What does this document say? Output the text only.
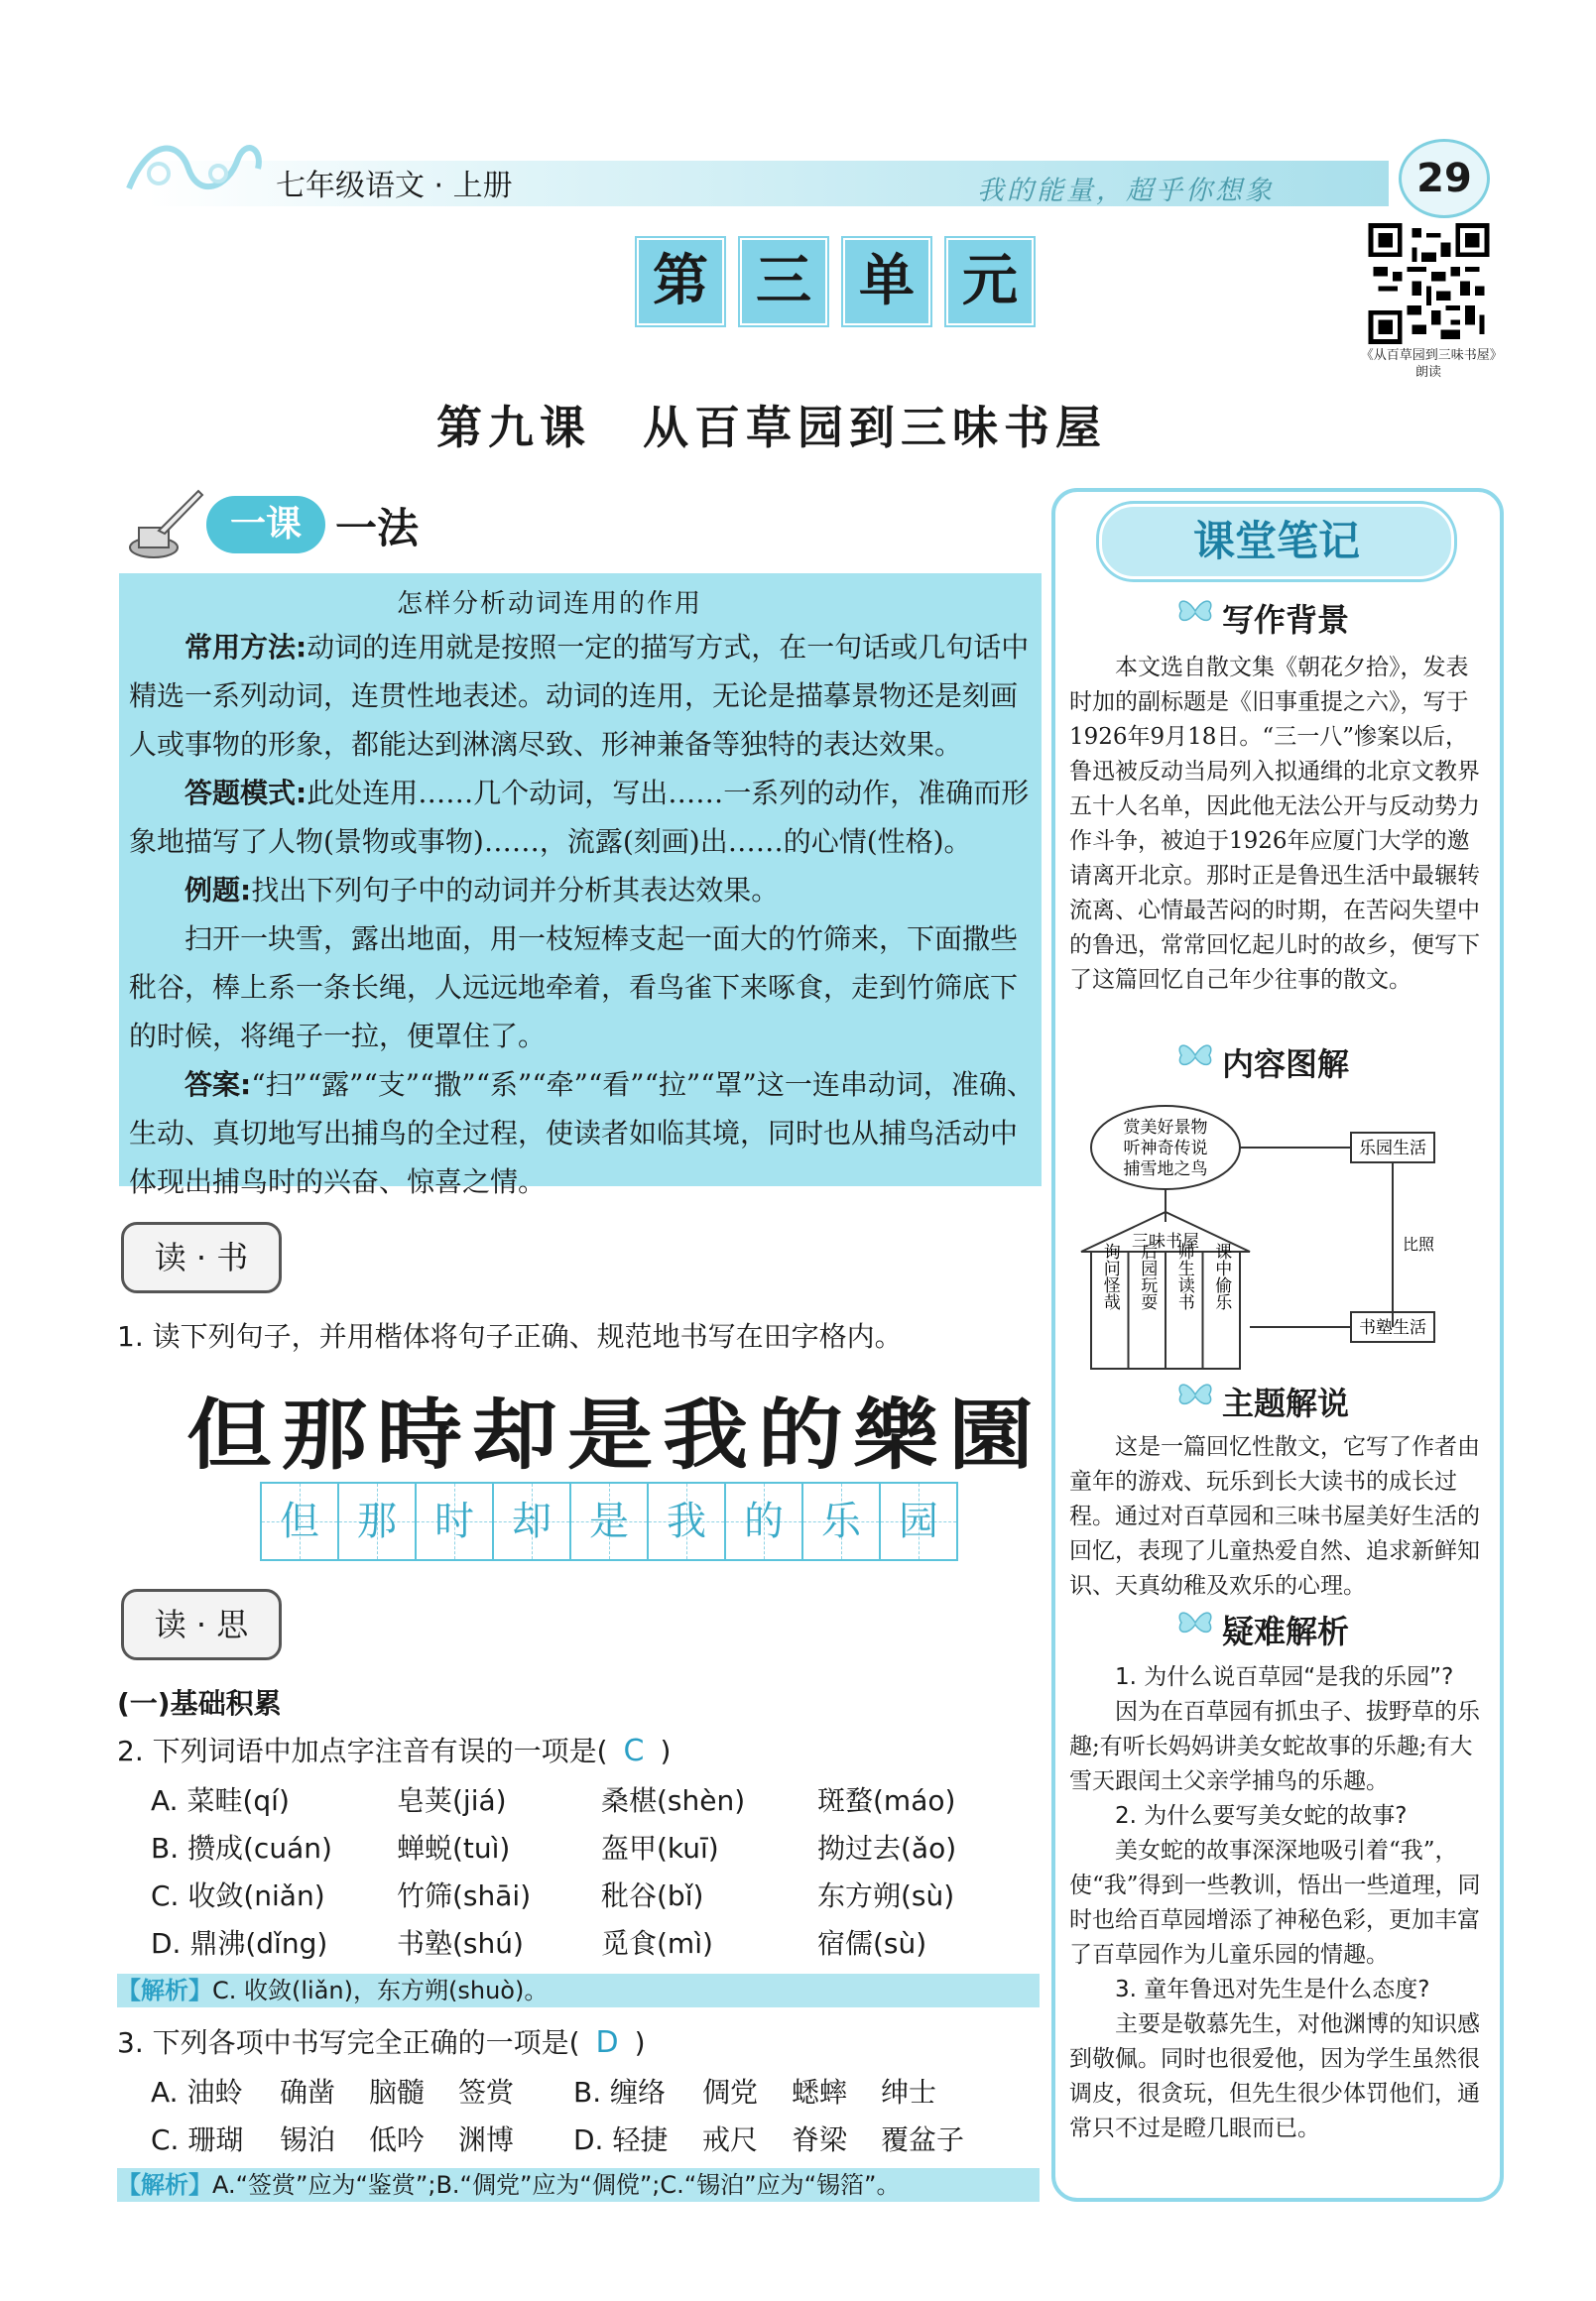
七年级语文 · 上册	我的能量，超乎你想象	29
第 三 单 元
《从百草园到三味书屋》朗读
第九课　从百草园到三味书屋
一课 一法
怎样分析动词连用的作用
常用方法:动词的连用就是按照一定的描写方式，在一句话或几句话中精选一系列动词，连贯性地表述。动词的连用，无论是描摹景物还是刻画人或事物的形象，都能达到淋漓尽致、形神兼备等独特的表达效果。
答题模式:此处连用……几个动词，写出……一系列的动作，准确而形象地描写了人物(景物或事物)……，流露(刻画)出……的心情(性格)。
例题:找出下列句子中的动词并分析其表达效果。
扫开一块雪，露出地面，用一枝短棒支起一面大的竹筛来，下面撒些秕谷，棒上系一条长绳，人远远地牵着，看鸟雀下来啄食，走到竹筛底下的时候，将绳子一拉，便罩住了。
答案:“扫”“露”“支”“撒”“系”“牵”“看”“拉”“罩”这一连串动词，准确、生动、真切地写出捕鸟的全过程，使读者如临其境，同时也从捕鸟活动中体现出捕鸟时的兴奋、惊喜之情。
读 · 书
1. 读下列句子，并用楷体将句子正确、规范地书写在田字格内。
但那時却是我的樂園
但 那 时 却 是 我 的 乐 园
读 · 思
(一)基础积累
2. 下列词语中加点字注音有误的一项是( C )
A. 菜畦(qí)	皂荚(jiá)	桑椹(shèn)	斑蝥(máo)
B. 攒成(cuán) 蝉蜕(tuì)	盔甲(kuī)	拗过去(ǎo)
C. 收敛(niǎn)	竹筛(shāi)	秕谷(bǐ)	东方朔(sù)
D. 鼎沸(dǐng) 书塾(shú)	觅食(mì)	宿儒(sù)
【解析】C. 收敛(liǎn)，东方朔(shuò)。
3. 下列各项中书写完全正确的一项是( D )
A. 油蛉 确凿 脑髓 签赏 B. 缠络 倜党 蟋蟀 绅士
C. 珊瑚 锡泊 低吟 渊博 D. 轻捷 戒尺 脊梁 覆盆子
【解析】A.“签赏”应为“鉴赏”;B.“倜党”应为“倜傥”;C.“锡泊”应为“锡箔”。
课堂笔记
写作背景
本文选自散文集《朝花夕拾》，发表时加的副标题是《旧事重提之六》，写于1926年9月18日。“三一八”惨案以后，鲁迅被反动当局列入拟通缉的北京文教界五十人名单，因此他无法公开与反动势力作斗争，被迫于1926年应厦门大学的邀请离开北京。那时正是鲁迅生活中最辗转流离、心情最苦闷的时期，在苦闷失望中的鲁迅，常常回忆起儿时的故乡，便写下了这篇回忆自己年少往事的散文。
内容图解
赏美好景物
听神奇传说
捕雪地之鸟
乐园生活
比照
三味书屋
询问怪哉 后园玩耍 师生读书 课中偷乐
书塾生活
主题解说
这是一篇回忆性散文，它写了作者由童年的游戏、玩乐到长大读书的成长过程。通过对百草园和三味书屋美好生活的回忆，表现了儿童热爱自然、追求新鲜知识、天真幼稚及欢乐的心理。
疑难解析
1. 为什么说百草园“是我的乐园”?
因为在百草园有抓虫子、拔野草的乐趣;有听长妈妈讲美女蛇故事的乐趣;有大雪天跟闰土父亲学捕鸟的乐趣。
2. 为什么要写美女蛇的故事?
美女蛇的故事深深地吸引着“我”，使“我”得到一些教训，悟出一些道理，同时也给百草园增添了神秘色彩，更加丰富了百草园作为儿童乐园的情趣。
3. 童年鲁迅对先生是什么态度?
主要是敬慕先生，对他渊博的知识感到敬佩。同时也很爱他，因为学生虽然很调皮，很贪玩，但先生很少体罚他们，通常只不过是瞪几眼而已。
